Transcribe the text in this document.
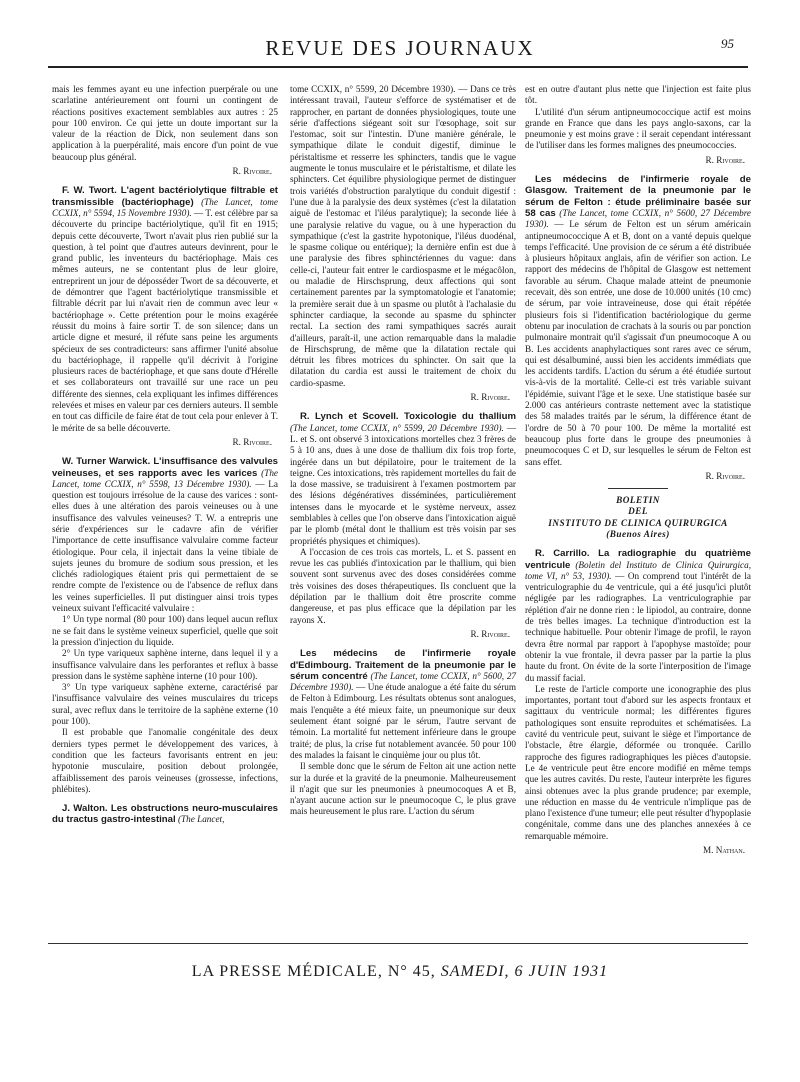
REVUE DES JOURNAUX	95

mais les femmes ayant eu une infection puerpérale ou une scarlatine antérieurement ont fourni un contingent de réactions positives exactement semblables aux autres : 25 pour 100 environ. Ce qui jette un doute important sur la valeur de la réaction de Dick, non seulement dans son application à la puerpéralité, mais encore d'un point de vue beaucoup plus général.

R. Rivoire.

F. W. Twort. L'agent bactériolytique filtrable et transmissible (bactériophage) (The Lancet, tome CCXIX, n° 5594, 15 Novembre 1930). — T. est célèbre par sa découverte du principe bactériolytique, qu'il fit en 1915; depuis cette découverte, Twort n'avait plus rien publié sur la question, à tel point que d'autres auteurs devinrent, pour le grand public, les inventeurs du bactériophage. Mais ces mêmes auteurs, ne se contentant plus de leur gloire, entreprirent un jour de déposséder Twort de sa découverte, et de démontrer que l'agent bactériolytique transmissible et filtrable décrit par lui n'avait rien de commun avec leur « bactériophage ». Cette prétention pour le moins exagérée réussit du moins à faire sortir T. de son silence; dans un article digne et mesuré, il réfute sans peine les arguments spécieux de ses contradicteurs: sans affirmer l'unité absolue du bactériophage, il rappelle qu'il décrivit à l'origine plusieurs races de bactériophage, et que sans doute d'Hérelle et ses collaborateurs ont travaillé sur une race un peu différente des siennes, cela expliquant les infimes différences relevées et mises en valeur par ces derniers auteurs. Il semble en tout cas difficile de faire état de tout cela pour enlever à T. le mérite de sa belle découverte.

R. Rivoire.

W. Turner Warwick. L'insuffisance des valvules veineuses, et ses rapports avec les varices (The Lancet, tome CCXIX, n° 5598, 13 Décembre 1930). — La question est toujours irrésolue de la cause des varices : sont-elles dues à une altération des parois veineuses ou à une insuffisance des valvules veineuses? T. W. a entrepris une série d'expériences sur le cadavre afin de vérifier l'importance de cette insuffisance valvulaire comme facteur étiologique. Pour cela, il injectait dans la veine tibiale de sujets jeunes du bromure de sodium sous pression, et les clichés radiologiques étaient pris qui permettaient de se rendre compte de l'existence ou de l'absence de reflux dans les veines superficielles. Il put distinguer ainsi trois types veineux suivant l'efficacité valvulaire :

1° Un type normal (80 pour 100) dans lequel aucun reflux ne se fait dans le système veineux superficiel, quelle que soit la pression d'injection du liquide.

2° Un type variqueux saphène interne, dans lequel il y a insuffisance valvulaire dans les perforantes et reflux à basse pression dans le système saphène interne (10 pour 100).

3° Un type variqueux saphène externe, caractérisé par l'insuffisance valvulaire des veines musculaires du triceps sural, avec reflux dans le territoire de la saphène externe (10 pour 100).

Il est probable que l'anomalie congénitale des deux derniers types permet le développement des varices, à condition que les facteurs favorisants entrent en jeu: hypotonie musculaire, position debout prolongée, affaiblissement des parois veineuses (grossesse, infections, phlébites).

J. Walton. Les obstructions neuro-musculaires du tractus gastro-intestinal (The Lancet,

tome CCXIX, n° 5599, 20 Décembre 1930). — Dans ce très intéressant travail, l'auteur s'efforce de systématiser et de rapprocher, en partant de données physiologiques, toute une série d'affections siégeant soit sur l'œsophage, soit sur l'estomac, soit sur l'intestin. D'une manière générale, le sympathique dilate le conduit digestif, diminue le péristaltisme et resserre les sphincters, tandis que le vague augmente le tonus musculaire et le péristaltisme, et dilate les sphincters. Cet équilibre physiologique permet de distinguer trois variétés d'obstruction paralytique du conduit digestif : l'une due à la paralysie des deux systèmes (c'est la dilatation aiguë de l'estomac et l'iléus paralytique); la seconde liée à une paralysie relative du vague, ou à une hyperaction du sympathique (c'est la gastrite hypotonique, l'iléus duodénal, le spasme colique ou entérique); la dernière enfin est due à une paralysie des fibres sphinctériennes du vague: dans celle-ci, l'auteur fait entrer le cardiospasme et le mégacôlon, ou maladie de Hirschsprung, deux affections qui sont certainement parentes par la symptomatologie et l'anatomie; la première serait due à un spasme ou plutôt à l'achalasie du sphincter cardiaque, la seconde au spasme du sphincter rectal. La section des rami sympathiques sacrés aurait d'ailleurs, paraît-il, une action remarquable dans la maladie de Hirschsprung, de même que la dilatation rectale qui détruit les fibres motrices du sphincter. On sait que la dilatation du cardia est aussi le traitement de choix du cardio-spasme.

R. Rivoire.

R. Lynch et Scovell. Toxicologie du thallium (The Lancet, tome CCXIX, n° 5599, 20 Décembre 1930). — L. et S. ont observé 3 intoxications mortelles chez 3 frères de 5 à 10 ans, dues à une dose de thallium dix fois trop forte, ingérée dans un but dépilatoire, pour le traitement de la teigne. Ces intoxications, très rapidement mortelles du fait de la dose massive, se traduisirent à l'examen postmortem par des lésions dégénératives disséminées, particulièrement intenses dans le myocarde et le système nerveux, assez semblables à celles que l'on observe dans l'intoxication aiguë par le plomb (métal dont le thallium est très voisin par ses propriétés physiques et chimiques).

A l'occasion de ces trois cas mortels, L. et S. passent en revue les cas publiés d'intoxication par le thallium, qui bien souvent sont survenus avec des doses considérées comme très voisines des doses thérapeutiques. Ils concluent que la dépilation par le thallium doit être proscrite comme dangereuse, et pas plus efficace que la dépilation par les rayons X.

R. Rivoire.

Les médecins de l'infirmerie royale d'Edimbourg. Traitement de la pneumonie par le sérum concentré (The Lancet, tome CCXIX, n° 5600, 27 Décembre 1930). — Une étude analogue a été faite du sérum de Felton à Edimbourg. Les résultats obtenus sont analogues, mais l'enquête a été mieux faite, un pneumonique sur deux seulement étant soigné par le sérum, l'autre servant de témoin. La mortalité fut nettement inférieure dans le groupe traité; de plus, la crise fut notablement avancée. 50 pour 100 des malades la faisant le cinquième jour ou plus tôt.

Il semble donc que le sérum de Felton ait une action nette sur la durée et la gravité de la pneumonie. Malheureusement il n'agit que sur les pneumonies à pneumocoques A et B, n'ayant aucune action sur le pneumocoque C, le plus grave mais heureusement le plus rare. L'action du sérum

est en outre d'autant plus nette que l'injection est faite plus tôt.

L'utilité d'un sérum antipneumococcique actif est moins grande en France que dans les pays anglo-saxons, car la pneumonie y est moins grave : il serait cependant intéressant de l'utiliser dans les formes malignes des pneumococcies.

R. Rivoire.

Les médecins de l'infirmerie royale de Glasgow. Traitement de la pneumonie par le sérum de Felton : étude préliminaire basée sur 58 cas (The Lancet, tome CCXIX, n° 5600, 27 Décembre 1930). — Le sérum de Felton est un sérum américain antipneumococcique A et B, dont on a vanté depuis quelque temps l'efficacité. Une provision de ce sérum a été distribuée à plusieurs hôpitaux anglais, afin de vérifier son action. Le rapport des médecins de l'hôpital de Glasgow est nettement favorable au sérum. Chaque malade atteint de pneumonie recevait, dès son entrée, une dose de 10.000 unités (10 cmc) de sérum, par voie intraveineuse, dose qui était répétée plusieurs fois si l'identification bactériologique du germe obtenu par inoculation de crachats à la souris ou par ponction pulmonaire montrait qu'il s'agissait d'un pneumocoque A ou B. Les accidents anaphylactiques sont rares avec ce sérum, qui est désalbuminé, aussi bien les accidents immédiats que les accidents tardifs. L'action du sérum a été étudiée surtout vis-à-vis de la mortalité. Celle-ci est très variable suivant l'épidémie, suivant l'âge et le sexe. Une statistique basée sur 2.000 cas antérieurs contraste nettement avec la statistique des 58 malades traités par le sérum, la différence étant de l'ordre de 50 à 70 pour 100. De même la mortalité est beaucoup plus forte dans le groupe des pneumonies à pneumocoques C et D, sur lesquelles le sérum de Felton est sans effet.

R. Rivoire.

BOLETIN

DEL

INSTITUTO DE CLINICA QUIRURGICA

(Buenos Aires)

R. Carrillo. La radiographie du quatrième ventricule (Boletin del Instituto de Clinica Quirurgica, tome VI, n° 53, 1930). — On comprend tout l'intérêt de la ventriculographie du 4e ventricule, qui a été jusqu'ici plutôt négligée par les radiographes. La ventriculographie par réplétion d'air ne donne rien : le lipiodol, au contraire, donne de très belles images. La technique d'introduction est la technique habituelle. Pour obtenir l'image de profil, le rayon devra être normal par rapport à l'apophyse mastoïde; pour obtenir la vue frontale, il devra passer par la partie la plus haute du front. On évite de la sorte l'interposition de l'image du massif facial.

Le reste de l'article comporte une iconographie des plus importantes, portant tout d'abord sur les aspects frontaux et sagittaux du ventricule normal; les différentes figures pathologiques sont ensuite reproduites et schématisées. La cavité du ventricule peut, suivant le siège et l'importance de l'obstacle, être élargie, déformée ou tronquée. Carillo rapproche des figures radiographiques les pièces d'autopsie. Le 4e ventricule peut être encore modifié en même temps que les autres cavités. Du reste, l'auteur interprète les figures ainsi obtenues avec la plus grande prudence; par exemple, une réduction en masse du 4e ventricule n'implique pas de plano l'existence d'une tumeur; elle peut résulter d'hypoplasie congénitale, comme dans une des planches annexées à ce remarquable mémoire.

M. Nathan.
LA PRESSE MÉDICALE, N° 45, SAMEDI, 6 JUIN 1931
